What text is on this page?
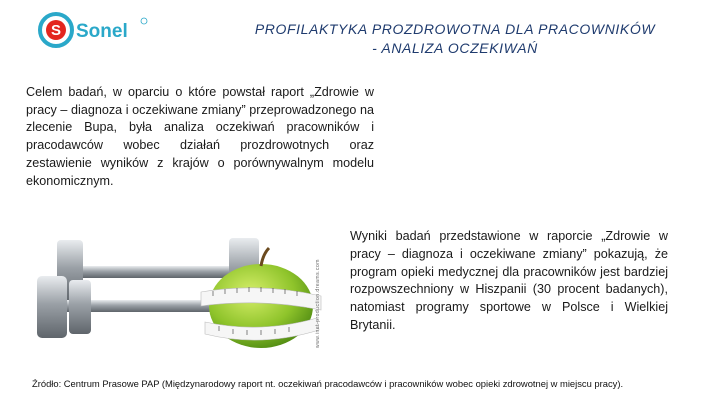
S Sonel	PROFILAKTYKA PROZDROWOTNA DLA PRACOWNIKÓW
- ANALIZA OCZEKIWAŃ

Celem badań, w oparciu o które powstał raport „Zdrowie w pracy – diagnoza i oczekiwane zmiany” przeprowadzonego na zlecenie Bupa, była analiza oczekiwań pracowników i pracodawców wobec działań prozdrowotnych oraz zestawienie wyników z krajów o porównywalnym modelu ekonomicznym.

www.inet-production.dreams.com

Wyniki badań przedstawione w raporcie „Zdrowie w pracy – diagnoza i oczekiwane zmiany” pokazują, że program opieki medycznej dla pracowników jest bardziej rozpowszechniony w Hiszpanii (30 procent badanych), natomiast programy sportowe w Polsce i Wielkiej Brytanii.

Źródło: Centrum Prasowe PAP (Międzynarodowy raport nt. oczekiwań pracodawców i pracowników wobec opieki zdrowotnej w miejscu pracy).
